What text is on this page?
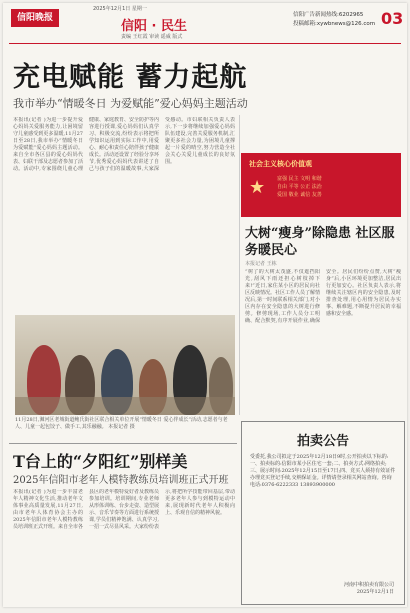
信阳晚报
2025年12月1日 星期一
信阳 · 民生
责编 王红霞 审读 遥威 版式
信阳广告新闻热线:6202965
投稿邮箱:xywbnews@126.com 03
充电赋能 蓄力起航
我市举办“情暖冬日 为爱赋能”爱心妈妈主题活动
本报讯(记者 )为进一步提升爱心妈妈关爱服务能力,让困境留守儿童感受到更多温暖,11月27日至28日,我市举办“情暖冬日 为爱赋能”爱心妈妈主题活动。来自全市各区县的爱心妈妈代表、妇联干部及志愿者参加了活动。活动中,专家围绕儿童心理健康、家庭教育、安全防护等内容进行授课,爱心妈妈们认真学习、积极交流,纷纷表示将把所学知识运用到实际工作中,用爱心、耐心和责任心陪伴孩子健康成长。活动还设置了经验分享环节,优秀爱心妈妈代表讲述了自己与孩子们的温暖故事,大家深受感动。市妇联相关负责人表示,下一步将继续加强爱心妈妈队伍建设,完善关爱服务机制,汇聚更多社会力量,为困境儿童撑起一片爱的晴空,努力营造全社会关心关爱儿童成长的良好氛围。	社会主义核心价值观
★ 富强 民主 文明 和谐
自由 平等 公正 法治
爱国 敬业 诚信 友善
大树“瘦身”除隐患 社区服务暖民心
本报记者 王栋
“树了的大树太茂盛,不仅遮挡阳光,刮风下雨还担心树枝掉下来!”近日,家住某小区的居民向社区反映情况。社区工作人员了解情况后,第一时间联系相关部门,对小区内存在安全隐患的大树进行修剪。修剪现场,工作人员分工明确、配合默契,有序开展作业,确保安全。居民们纷纷点赞,大树“瘦身”后,小区环境更加整洁,居民出行更加安心。社区负责人表示,将继续关注辖区内的安全隐患,及时排查处理,用心用情为居民办实事、解难题,不断提升居民的幸福感和安全感。
11月28日,浉河区老城街道鲍氏街社区联合相关单位开展“情暖冬日 爱心伴成长”活动,志愿者与老人、儿童一起包饺子、做手工,其乐融融。 本报记者 摄
T台上的“夕阳红”别样美
2025年信阳市老年人模特教练员培训班正式开班
本报讯(记者 )为进一步丰富老年人精神文化生活,推动老年文体事业高质量发展,11月27日,由市老年人体育协会主办的2025年信阳市老年人模特教练员培训班正式开班。来自全市各县区的老年模特爱好者及教练员参加培训。培训期间,专业老师从形体训练、台步走姿、造型展示、音乐节奏等方面进行系统授课,学员们精神饱满、认真学习,一招一式尽显风采。大家纷纷表示,将把所学技能带回基层,带动更多老年人参与到模特运动中来,展现新时代老年人积极向上、乐观自信的精神风貌。
拍卖公告
受委托,我公司拟定于2025年12月18日9时,公开拍卖以下标的:一、拍卖标的:信阳市某小区住宅一套;二、拍卖方式:网络拍卖;三、展示时间:2025年12月15日至17日;四、竞买人须持有效证件办理竞买登记手续,交纳保证金。详情请登录相关网站查询。咨询电话:0376-6222333 13893900000
河南中积拍卖有限公司
2025年12月1日
